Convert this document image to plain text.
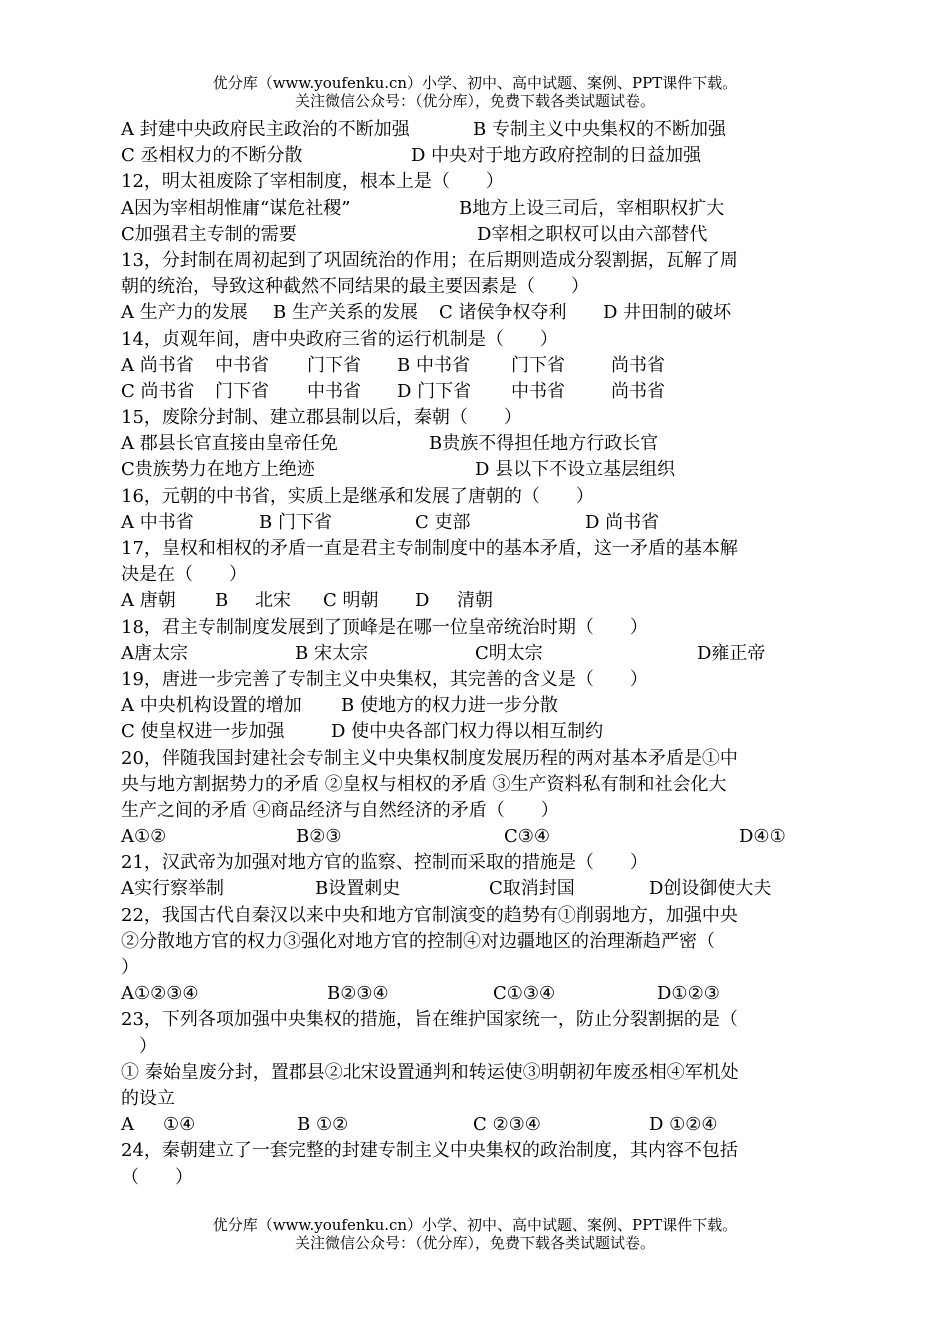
优分库（www.youfenku.cn）小学、初中、高中试题、案例、PPT课件下载。
关注微信公众号：（优分库），免费下载各类试题试卷。
A 封建中央政府民主政治的不断加强	B 专制主义中央集权的不断加强
C 丞相权力的不断分散	D 中央对于地方政府控制的日益加强
12，明太祖废除了宰相制度，根本上是（　　）
A因为宰相胡惟庸“谋危社稷”	B地方上设三司后，宰相职权扩大
C加强君主专制的需要	D宰相之职权可以由六部替代
13，分封制在周初起到了巩固统治的作用；在后期则造成分裂割据，瓦解了周
朝的统治，导致这种截然不同结果的最主要因素是（　　）
A 生产力的发展 B 生产关系的发展 C 诸侯争权夺利 D 井田制的破坏
14，贞观年间，唐中央政府三省的运行机制是（　　）
A 尚书省 中书省 门下省 B 中书省 门下省	尚书省
C 尚书省 门下省 中书省 D 门下省 中书省	尚书省
15，废除分封制、建立郡县制以后，秦朝（　　）
A 郡县长官直接由皇帝任免	B贵族不得担任地方行政长官
C贵族势力在地方上绝迹	D 县以下不设立基层组织
16，元朝的中书省，实质上是继承和发展了唐朝的（　　）
A 中书省	B 门下省	C 吏部	D 尚书省
17，皇权和相权的矛盾一直是君主专制制度中的基本矛盾，这一矛盾的基本解
决是在（　　）
A 唐朝 B 北宋 C 明朝 D 清朝
18，君主专制制度发展到了顶峰是在哪一位皇帝统治时期（　　）
A唐太宗	B 宋太宗	C明太宗	D雍正帝
19，唐进一步完善了专制主义中央集权，其完善的含义是（　　）
A 中央机构设置的增加 B 使地方的权力进一步分散
C 使皇权进一步加强	D 使中央各部门权力得以相互制约
20，伴随我国封建社会专制主义中央集权制度发展历程的两对基本矛盾是①中
央与地方割据势力的矛盾 ②皇权与相权的矛盾 ③生产资料私有制和社会化大
生产之间的矛盾 ④商品经济与自然经济的矛盾（　　）
A①②	B②③	C③④	D④①
21，汉武帝为加强对地方官的监察、控制而采取的措施是（　　）
A实行察举制	B设置刺史	C取消封国	D创设御使大夫
22，我国古代自秦汉以来中央和地方官制演变的趋势有①削弱地方，加强中央
②分散地方官的权力③强化对地方官的控制④对边疆地区的治理渐趋严密（
）
A①②③④	B②③④	C①③④	D①②③
23，下列各项加强中央集权的措施，旨在维护国家统一，防止分裂割据的是（
　）
① 秦始皇废分封，置郡县②北宋设置通判和转运使③明朝初年废丞相④军机处
的设立
A ①④	B ①②	C ②③④	D ①②④
24，秦朝建立了一套完整的封建专制主义中央集权的政治制度，其内容不包括
（　　）
优分库（www.youfenku.cn）小学、初中、高中试题、案例、PPT课件下载。
关注微信公众号：（优分库），免费下载各类试题试卷。
